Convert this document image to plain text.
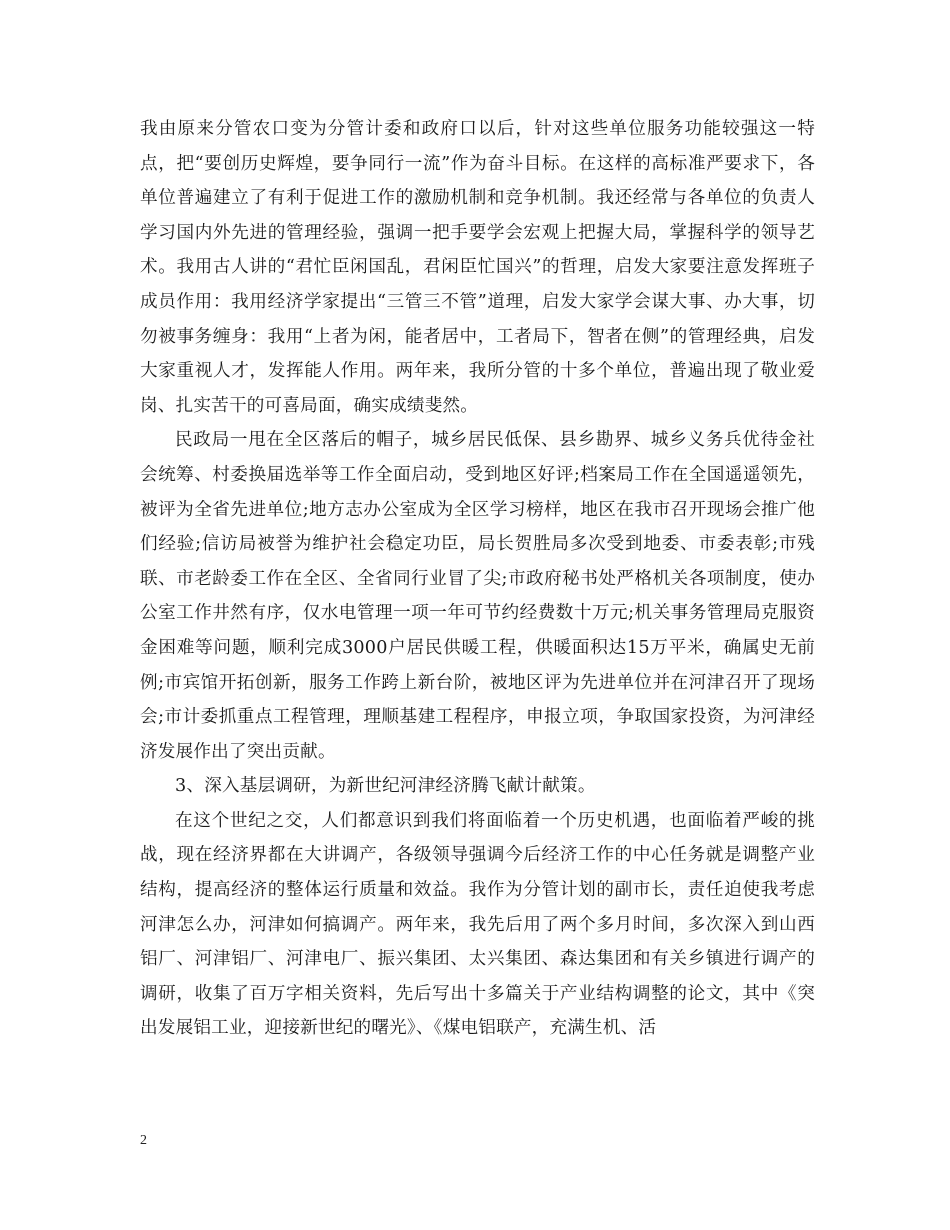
我由原来分管农口变为分管计委和政府口以后，针对这些单位服务功能较强这一特点，把“要创历史辉煌，要争同行一流”作为奋斗目标。在这样的高标准严要求下，各单位普遍建立了有利于促进工作的激励机制和竞争机制。我还经常与各单位的负责人学习国内外先进的管理经验，强调一把手要学会宏观上把握大局，掌握科学的领导艺术。我用古人讲的“君忙臣闲国乱，君闲臣忙国兴”的哲理，启发大家要注意发挥班子成员作用：我用经济学家提出“三管三不管”道理，启发大家学会谋大事、办大事，切勿被事务缠身：我用“上者为闲，能者居中，工者局下，智者在侧”的管理经典，启发大家重视人才，发挥能人作用。两年来，我所分管的十多个单位，普遍出现了敬业爱岗、扎实苦干的可喜局面，确实成绩斐然。

民政局一甩在全区落后的帽子，城乡居民低保、县乡勘界、城乡义务兵优待金社会统筹、村委换届选举等工作全面启动，受到地区好评;档案局工作在全国遥遥领先，被评为全省先进单位;地方志办公室成为全区学习榜样，地区在我市召开现场会推广他们经验;信访局被誉为维护社会稳定功臣，局长贺胜局多次受到地委、市委表彰;市残联、市老龄委工作在全区、全省同行业冒了尖;市政府秘书处严格机关各项制度，使办公室工作井然有序，仅水电管理一项一年可节约经费数十万元;机关事务管理局克服资金困难等问题，顺利完成3000户居民供暖工程，供暖面积达15万平米，确属史无前例;市宾馆开拓创新，服务工作跨上新台阶，被地区评为先进单位并在河津召开了现场会;市计委抓重点工程管理，理顺基建工程程序，申报立项，争取国家投资，为河津经济发展作出了突出贡献。

3、深入基层调研，为新世纪河津经济腾飞献计献策。

在这个世纪之交，人们都意识到我们将面临着一个历史机遇，也面临着严峻的挑战，现在经济界都在大讲调产，各级领导强调今后经济工作的中心任务就是调整产业结构，提高经济的整体运行质量和效益。我作为分管计划的副市长，责任迫使我考虑河津怎么办，河津如何搞调产。两年来，我先后用了两个多月时间，多次深入到山西铝厂、河津铝厂、河津电厂、振兴集团、太兴集团、森达集团和有关乡镇进行调产的调研，收集了百万字相关资料，先后写出十多篇关于产业结构调整的论文，其中《突出发展铝工业，迎接新世纪的曙光》、《煤电铝联产，充满生机、活

2
